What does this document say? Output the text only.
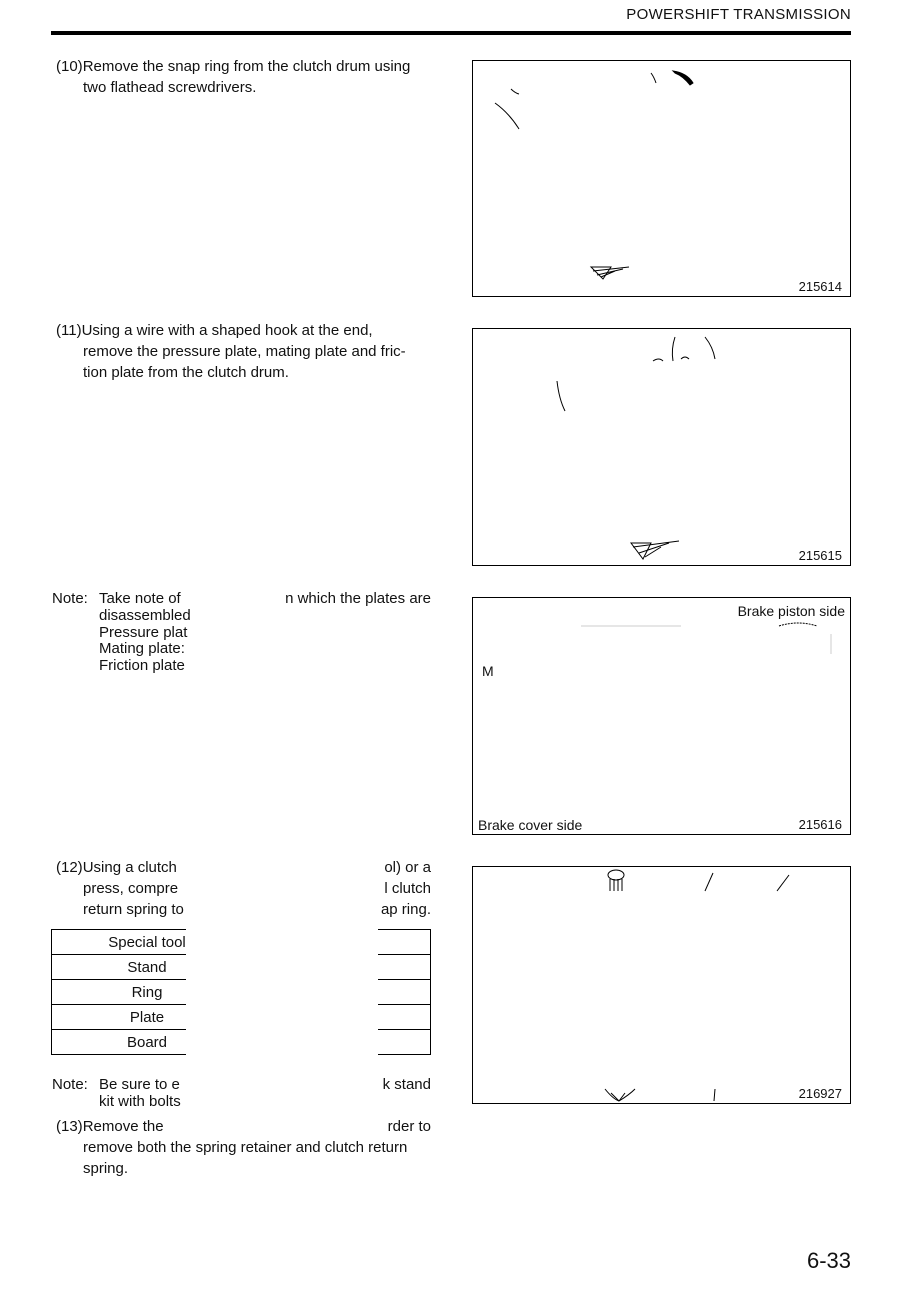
POWERSHIFT TRANSMISSION
(10)Remove the snap ring from the clutch drum using
two flathead screwdrivers.
215614
(11)Using a wire with a shaped hook at the end,
remove the pressure plate, mating plate and fric-
tion plate from the clutch drum.
215615
Note: Take note of	n which the plates are
disassembled
Pressure plat
Mating plate:
Friction plate
Brake piston side
M
Brake cover side	215616
(12)Using a clutch	ol) or a
press, compre	l clutch
return spring to	ap ring.
Special tool	
Stand	
Ring	
Plate	
Board	
Note: Be sure to e	k stand
kit with bolts	216927
(13)Remove the	rder to
remove both the spring retainer and clutch return
spring.
6-33
